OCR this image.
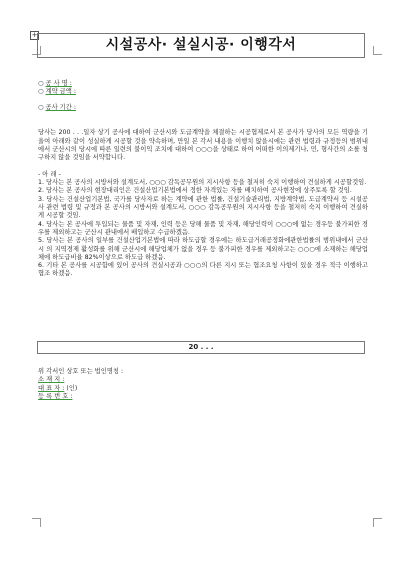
+
시설공사· 설실시공· 이행각서

○ 공 사 명 :
○ 계약 금액 :

○ 공사 기간 :

당사는 200 . . .일자 상기 공사에 대하여 군산시와 도급계약을 체결하는 시공협제로서 본 공사가 당사의 모든 역량을 기울여 아래와 같이 성실하게 시공할 것을 약속하며, 만일 본 각서 내용을 이행치 않을시에는 관련 법령과 규정등의 범위내에서 군산시의 당시에 따른 일련의 불이익 조치에 대하여 ○○○을 상태로 하여 어떠한 이의제기나, 민, 형사간의 소를 청구하지 않을 것임을 서약합니다.

- 아 래 -
1. 당사는 본 공사의 시방서와 설계도서, ○○○ 감독공무원의 지시사항 등을 철저히 숙지 이행하여 견실하게 시공할것임.
2. 당사는 본 공사의 현장대리인은 건설산업기본법에서 정한 자격있는 자를 배치하여 공사현장에 상주토록 할 것임.
3. 당사는 건설산업기본법, 국가를 당사자로 하는 계약에 관한 법률, 건설기술관리법, 지방계약법, 도급계약서 등 시설공사 관련 법령 및 규정과 본 공사의 시방서와 설계도서, ○○○ 감독공무원의 지시사항 등을 철저히 숙지 이행하여 견실하게 시공할 것임.
4. 당사는 본 공사에 투입되는 물품 및 자재, 인력 등은 당해 물품 및 자재, 해당인력이 ○○○에 없는 경우등 불가피한 경우를 제외하고는 군산시 관내에서 배입하고 수급하겠음.
5. 당사는 본 공사의 일부를 건설산업기본법에 따라 하도급할 경우에는 하도급거래공정화에관한법률의 범위내에서 군산시 의 지역경제 활성화를 위해 군산시에 해당업체가 없을 경우 등 불가피한 경우를 제외하고는 ○○○에 소재하는 해당업체에 하도급비율 82%이상으로 하도급 하겠음.
6. 기타 본 공사를 시공함에 있어 공사의 견실시공과 ○○○의 다른 지시 또는 협조요청 사항이 있을 경우 적극 이행하고 협조 하겠음.
20 . . .
위 각서인 상호 또는 법인명칭 :
소 재 지 :
대 표 자 : (인)
등 록 번 호 :
